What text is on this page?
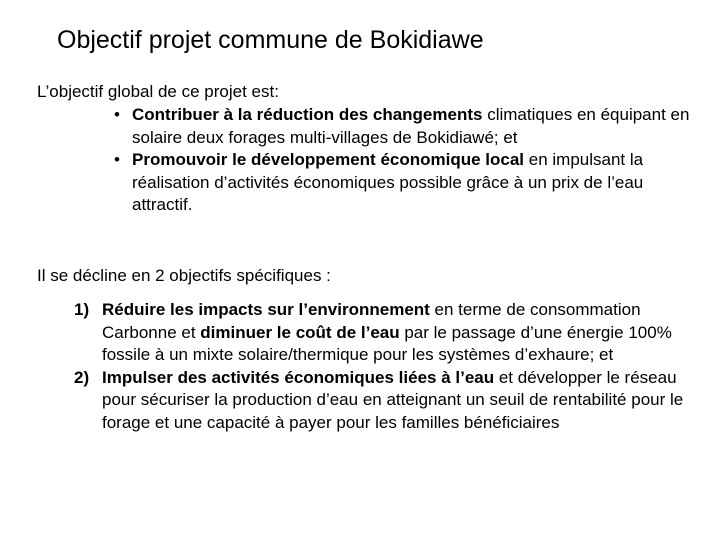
Objectif projet commune de Bokidiawe
L’objectif global de ce projet est:
• Contribuer à la réduction des changements climatiques en équipant en solaire deux forages multi-villages de Bokidiawé; et
• Promouvoir le développement économique local en impulsant la réalisation d’activités économiques possible grâce à un prix de l’eau attractif.
Il se décline en 2 objectifs spécifiques :
1) Réduire les impacts sur l’environnement en terme de consommation Carbonne et diminuer le coût de l’eau par le passage d’une énergie 100% fossile à un mixte solaire/thermique pour les systèmes d’exhaure; et
2) Impulser des activités économiques liées à l’eau et développer le réseau pour sécuriser la production d’eau en atteignant un seuil de rentabilité pour le forage et une capacité à payer pour les familles bénéficiaires
